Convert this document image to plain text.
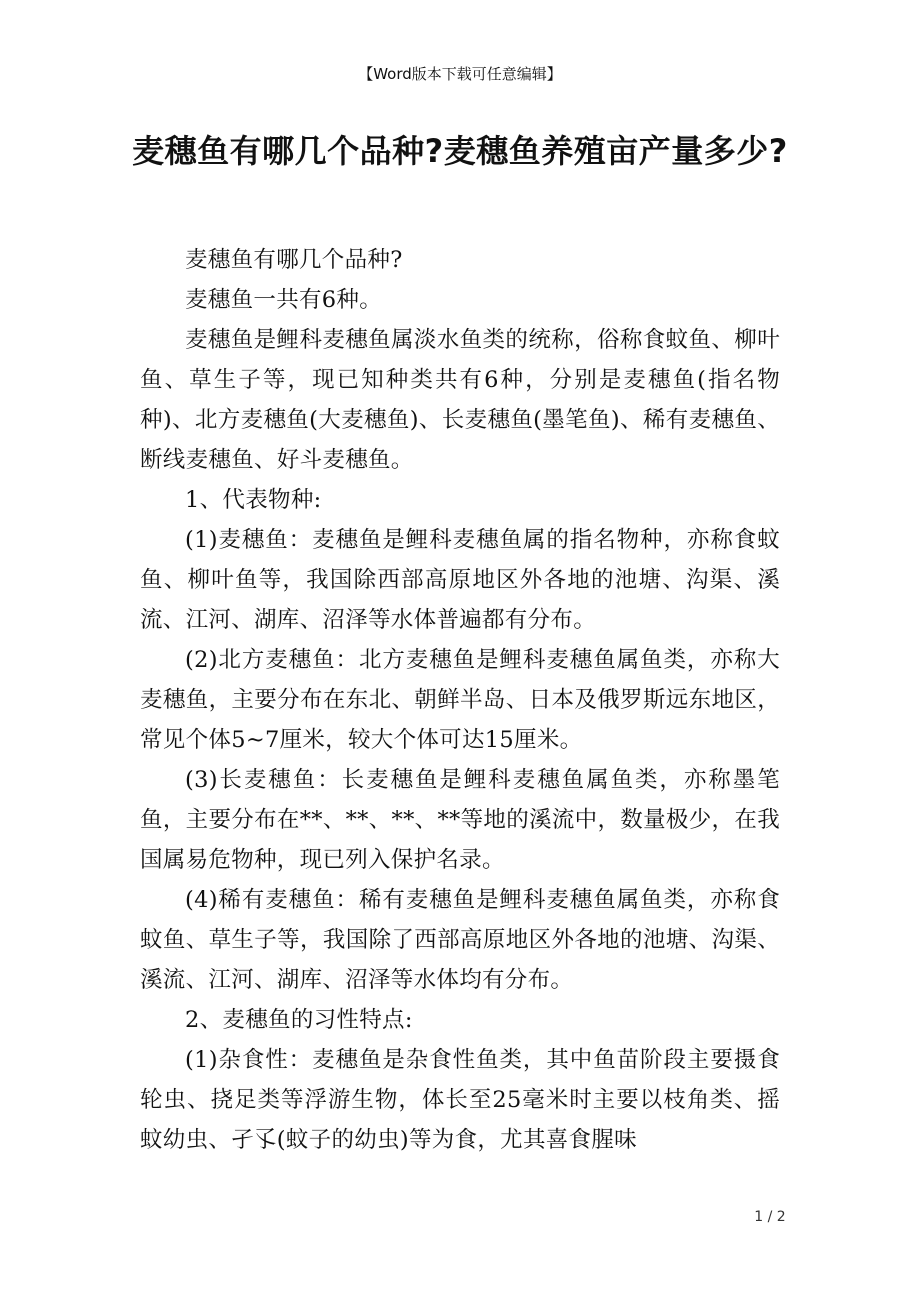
【Word版本下载可任意编辑】
麦穗鱼有哪几个品种?麦穗鱼养殖亩产量多少?

麦穗鱼有哪几个品种?

麦穗鱼一共有6种。

麦穗鱼是鲤科麦穗鱼属淡水鱼类的统称，俗称食蚊鱼、柳叶鱼、草生子等，现已知种类共有6种，分别是麦穗鱼(指名物种)、北方麦穗鱼(大麦穗鱼)、长麦穗鱼(墨笔鱼)、稀有麦穗鱼、断线麦穗鱼、好斗麦穗鱼。

1、代表物种:

(1)麦穗鱼：麦穗鱼是鲤科麦穗鱼属的指名物种，亦称食蚊鱼、柳叶鱼等，我国除西部高原地区外各地的池塘、沟渠、溪流、江河、湖库、沼泽等水体普遍都有分布。

(2)北方麦穗鱼：北方麦穗鱼是鲤科麦穗鱼属鱼类，亦称大麦穗鱼，主要分布在东北、朝鲜半岛、日本及俄罗斯远东地区，常见个体5~7厘米，较大个体可达15厘米。

(3)长麦穗鱼：长麦穗鱼是鲤科麦穗鱼属鱼类，亦称墨笔鱼，主要分布在**、**、**、**等地的溪流中，数量极少，在我国属易危物种，现已列入保护名录。

(4)稀有麦穗鱼：稀有麦穗鱼是鲤科麦穗鱼属鱼类，亦称食蚊鱼、草生子等，我国除了西部高原地区外各地的池塘、沟渠、溪流、江河、湖库、沼泽等水体均有分布。

2、麦穗鱼的习性特点:

(1)杂食性：麦穗鱼是杂食性鱼类，其中鱼苗阶段主要摄食轮虫、挠足类等浮游生物，体长至25毫米时主要以枝角类、摇蚊幼虫、孑孓(蚊子的幼虫)等为食，尤其喜食腥味

1 / 2
